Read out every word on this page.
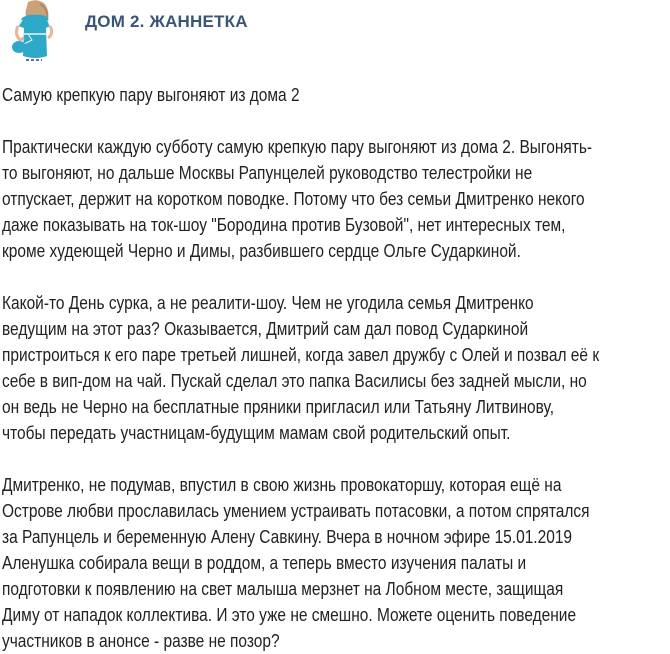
ДОМ 2. ЖАННЕТКА
Самую крепкую пару выгоняют из дома 2
Практически каждую субботу самую крепкую пару выгоняют из дома 2. Выгонять-
то выгоняют, но дальше Москвы Рапунцелей руководство телестройки не
отпускает, держит на коротком поводке. Потому что без семьи Дмитренко некого
даже показывать на ток-шоу "Бородина против Бузовой", нет интересных тем,
кроме худеющей Черно и Димы, разбившего сердце Ольге Сударкиной.
Какой-то День сурка, а не реалити-шоу. Чем не угодила семья Дмитренко
ведущим на этот раз? Оказывается, Дмитрий сам дал повод Сударкиной
пристроиться к его паре третьей лишней, когда завел дружбу с Олей и позвал её к
себе в вип-дом на чай. Пускай сделал это папка Василисы без задней мысли, но
он ведь не Черно на бесплатные пряники пригласил или Татьяну Литвинову,
чтобы передать участницам-будущим мамам свой родительский опыт.
Дмитренко, не подумав, впустил в свою жизнь провокаторшу, которая ещё на
Острове любви прославилась умением устраивать потасовки, а потом спрятался
за Рапунцель и беременную Алену Савкину. Вчера в ночном эфире 15.01.2019
Аленушка собирала вещи в роддом, а теперь вместо изучения палаты и
подготовки к появлению на свет малыша мерзнет на Лобном месте, защищая
Диму от нападок коллектива. И это уже не смешно. Можете оценить поведение
участников в анонсе - разве не позор?
